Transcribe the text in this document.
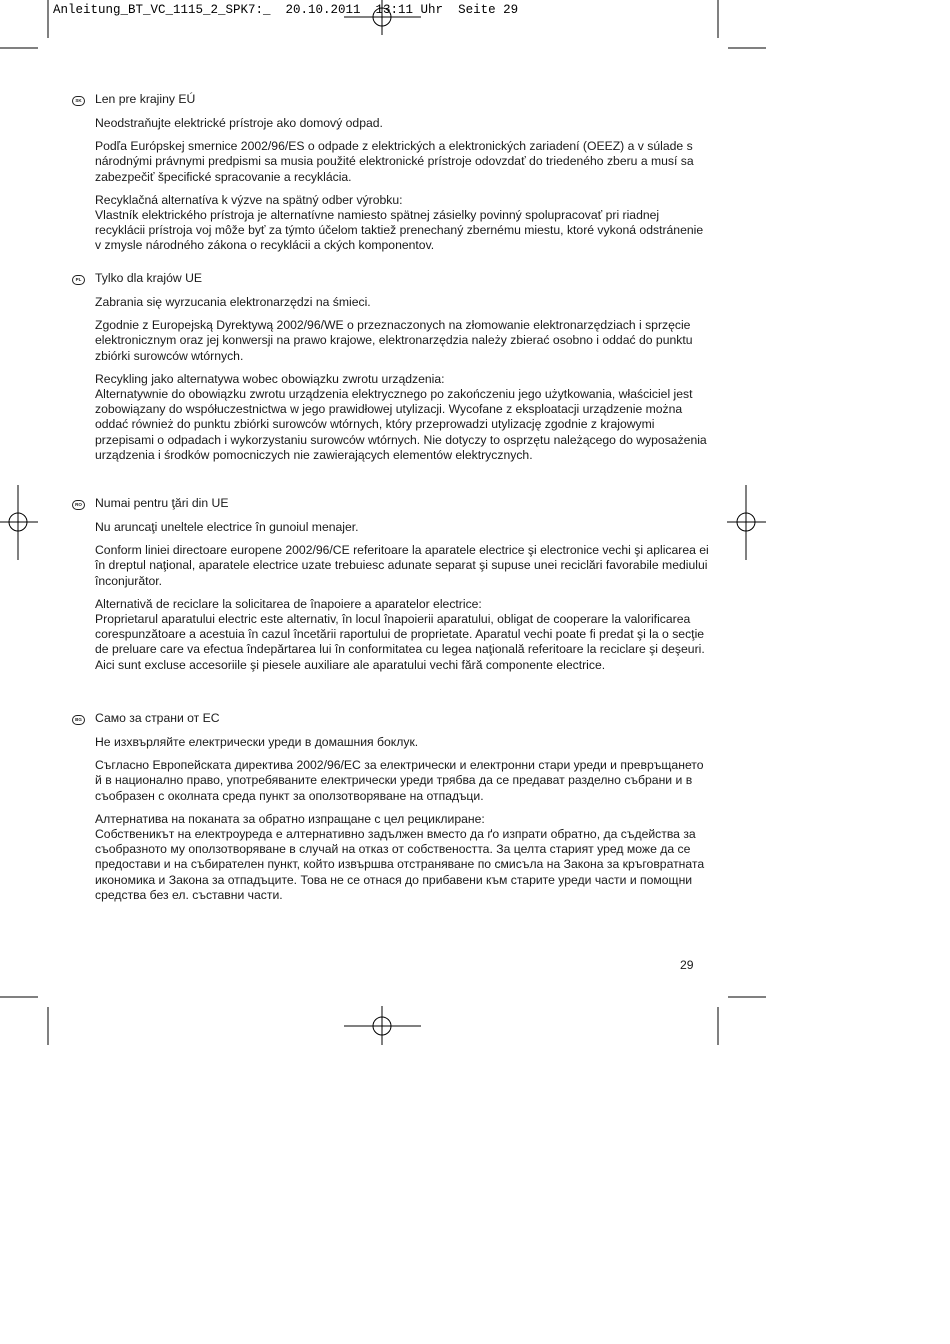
Anleitung_BT_VC_1115_2_SPK7:_  20.10.2011  13:11 Uhr  Seite 29
SK Len pre krajiny EÚ

Neodstraňujte elektrické prístroje ako domový odpad.

Podľa Európskej smernice 2002/96/ES o odpade z elektrických a elektronických zariadení (OEEZ) a v súlade s národnými právnymi predpismi sa musia použité elektronické prístroje odovzdať do triedeného zberu a musí sa zabezpečiť špecifické spracovanie a recyklácia.

Recyklačná alternatíva k výzve na spätný odber výrobku:

Vlastník elektrického prístroja je alternatívne namiesto spätnej zásielky povinný spolupracovať pri riadnej recyklácii prístroja voj môže byť za týmto účelom taktiež prenechaný zbernému miestu, ktoré vykoná odstránenie v zmysle národného zákona o recyklácii a ckých komponentov.

PL Tylko dla krajów UE

Zabrania się wyrzucania elektronarzędzi na śmieci.

Zgodnie z Europejską Dyrektywą 2002/96/WE o przeznaczonych na złomowanie elektronarzędziach i sprzęcie elektronicznym oraz jej konwersji na prawo krajowe, elektronarzędzia należy zbierać osobno i oddać do punktu zbiórki surowców wtórnych.

Recykling jako alternatywa wobec obowiązku zwrotu urządzenia:

Alternatywnie do obowiązku zwrotu urządzenia elektrycznego po zakończeniu jego użytkowania, właściciel jest zobowiązany do współuczestnictwa w jego prawidłowej utylizacji. Wycofane z eksploatacji urządzenie można oddać również do punktu zbiórki surowców wtórnych, który przeprowadzi utylizację zgodnie z krajowymi przepisami o odpadach i wykorzystaniu surowców wtórnych. Nie dotyczy to osprzętu należącego do wyposażenia urządzenia i środków pomocniczych nie zawierających elementów elektrycznych.

RO Numai pentru ţări din UE

Nu aruncaţi uneltele electrice în gunoiul menajer.

Conform liniei directoare europene 2002/96/CE referitoare la aparatele electrice şi electronice vechi şi aplicarea ei în dreptul naţional, aparatele electrice uzate trebuiesc adunate separat şi supuse unei reciclări favorabile mediului înconjurător.

Alternativă de reciclare la solicitarea de înapoiere a aparatelor electrice:

Proprietarul aparatului electric este alternativ, în locul înapoierii aparatului, obligat de cooperare la valorificarea corespunzătoare a acestuia în cazul încetării raportului de proprietate. Aparatul vechi poate fi predat şi la o secţie de preluare care va efectua îndepărtarea lui în conformitatea cu legea naţională referitoare la reciclare şi deşeuri. Aici sunt excluse accesoriile şi piesele auxiliare ale aparatului vechi fără componente electrice.

BG Само за страни от ЕС

Не изхвърляйте електрически уреди в домашния боклук.

Съгласно Европейската директива 2002/96/ЕС за електрически и електронни стари уреди и превръщането й в национално право, употребяваните електрически уреди трябва да се предават разделно събрани и в съобразен с околната среда пункт за оползотворяване на отпадъци.

Алтернатива на поканата за обратно изпращане с цел рециклиране:

Собственикът на електроуреда е алтернативно задължен вместо да ґо изпрати обратно, да съдейства за съобразното му оползотворяване в случай на отказ от собствеността. За целта старият уред може да се предостави и на събирателен пункт, който извършва отстраняване по смисъла на Закона за кръговратната икономика и Закона за отпадъците. Това не се отнася до прибавени към старите уреди части и помощни средства без ел. съставни части.

29
